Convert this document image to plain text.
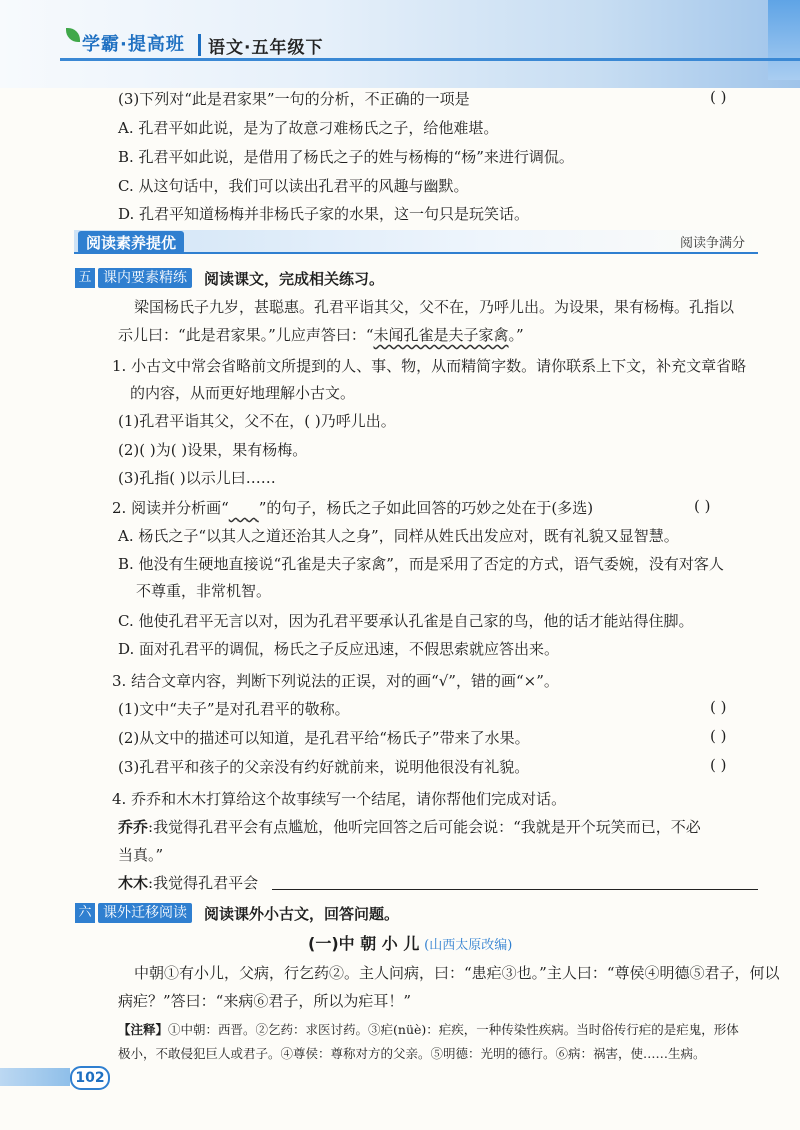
学霸·提高班 语文·五年级下
(3)下列对“此是君家果”一句的分析，不正确的一项是	( )
A. 孔君平如此说，是为了故意刁难杨氏之子，给他难堪。
B. 孔君平如此说，是借用了杨氏之子的姓与杨梅的“杨”来进行调侃。
C. 从这句话中，我们可以读出孔君平的风趣与幽默。
D. 孔君平知道杨梅并非杨氏子家的水果，这一句只是玩笑话。
阅读素养提优	阅读争满分
五 课内要素精练	阅读课文，完成相关练习。
梁国杨氏子九岁，甚聪惠。孔君平诣其父，父不在，乃呼儿出。为设果，果有杨梅。孔指以
示儿曰：“此是君家果。”儿应声答曰：“未闻孔雀是夫子家禽。”
1. 小古文中常会省略前文所提到的人、事、物，从而精简字数。请你联系上下文，补充文章省略
的内容，从而更好地理解小古文。
(1)孔君平诣其父，父不在，( )乃呼儿出。
(2)( )为( )设果，果有杨梅。
(3)孔指( )以示儿曰……
2. 阅读并分析画“   ”的句子，杨氏之子如此回答的巧妙之处在于(多选)	( )
A. 杨氏之子“以其人之道还治其人之身”，同样从姓氏出发应对，既有礼貌又显智慧。
B. 他没有生硬地直接说“孔雀是夫子家禽”，而是采用了否定的方式，语气委婉，没有对客人
不尊重，非常机智。
C. 他使孔君平无言以对，因为孔君平要承认孔雀是自己家的鸟，他的话才能站得住脚。
D. 面对孔君平的调侃，杨氏之子反应迅速，不假思索就应答出来。
3. 结合文章内容，判断下列说法的正误，对的画“√”，错的画“×”。
(1)文中“夫子”是对孔君平的敬称。	( )
(2)从文中的描述可以知道，是孔君平给“杨氏子”带来了水果。	( )
(3)孔君平和孩子的父亲没有约好就前来，说明他很没有礼貌。	( )
4. 乔乔和木木打算给这个故事续写一个结尾，请你帮他们完成对话。
乔乔:我觉得孔君平会有点尴尬，他听完回答之后可能会说：“我就是开个玩笑而已，不必
当真。”
木木:我觉得孔君平会
六 课外迁移阅读	阅读课外小古文，回答问题。
(一)中 朝 小 儿 (山西太原改编)
中朝①有小儿，父病，行乞药②。主人问病，曰：“患疟③也。”主人曰：“尊侯④明德⑤君子，何以
病疟？”答曰：“来病⑥君子，所以为疟耳！”
【注释】①中朝：西晋。②乞药：求医讨药。③疟(nüè)：疟疾，一种传染性疾病。当时俗传行疟的是疟鬼，形体
极小，不敢侵犯巨人或君子。④尊侯：尊称对方的父亲。⑤明德：光明的德行。⑥病：祸害，使……生病。
102
